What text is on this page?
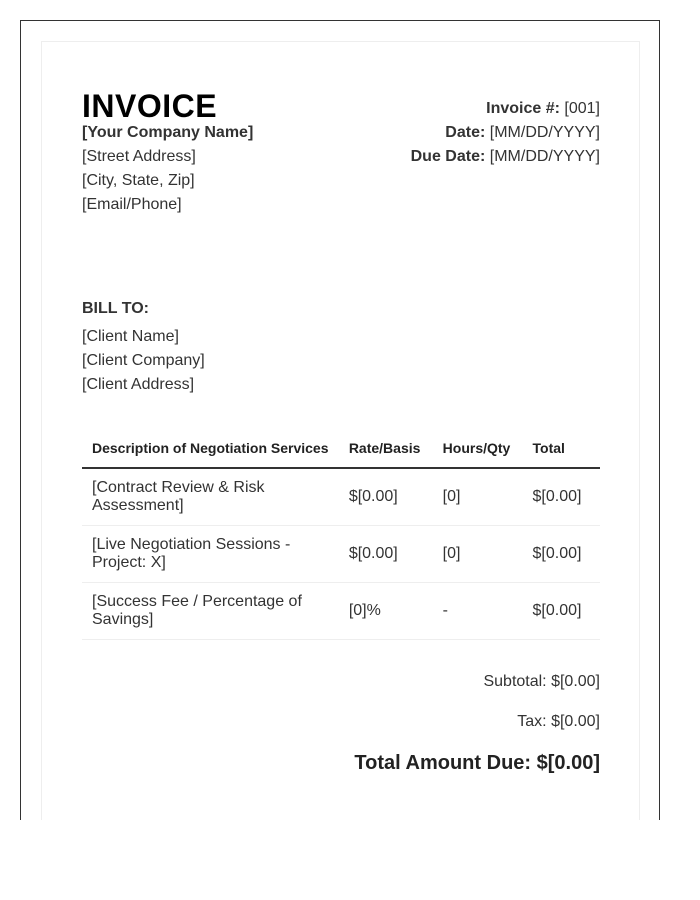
INVOICE	Invoice #: [001]
Date: [MM/DD/YYYY]
Due Date: [MM/DD/YYYY]
[Your Company Name]
[Street Address]
[City, State, Zip]
[Email/Phone]
BILL TO:
[Client Name]
[Client Company]
[Client Address]
Description of Negotiation Services	Rate/Basis	Hours/Qty	Total
[Contract Review & Risk Assessment]	$[0.00]	[0]	$[0.00]
[Live Negotiation Sessions - Project: X]	$[0.00]	[0]	$[0.00]
[Success Fee / Percentage of Savings]	[0]%	-	$[0.00]
Subtotal: $[0.00]
Tax: $[0.00]
Total Amount Due: $[0.00]
